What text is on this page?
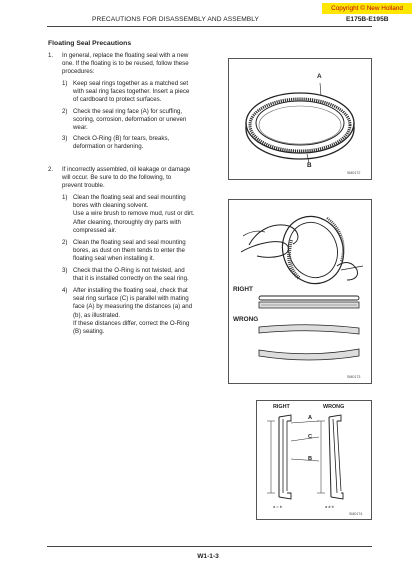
Copyright © New Holland
PRECAUTIONS FOR DISASSEMBLY AND ASSEMBLY	E175B-E195B
Floating Seal Precautions
1. In general, replace the floating seal with a new
one. If the floating is to be reused, follow these
procedures:
1) Keep seal rings together as a matched set
with seal ring faces together. Insert a piece
of cardboard to protect surfaces.
2) Check the seal ring face (A) for scuffing,
scoring, corrosion, deformation or uneven
wear.
3) Check O-Ring (B) for tears, breaks,
deformation or hardening.
2. If incorrectly assembled, oil leakage or damage
will occur. Be sure to do the following, to
prevent trouble.
1) Clean the floating seal and seal mounting
bores with cleaning solvent.
Use a wire brush to remove mud, rust or dirt.
After cleaning, thoroughly dry parts with
compressed air.
2) Clean the floating seal and seal mounting
bores, as dust on them tends to enter the
floating seal when installing it.
3) Check that the O-Ring is not twisted, and
that it is installed correctly on the seal ring.
4) After installing the floating seal, check that
seal ring surface (C) is parallel with mating
face (A) by measuring the distances (a) and
(b), as illustrated.
If these distances differ, correct the O-Ring
(B) seating.
A
B
SM0172
RIGHT
WRONG
SM0173
RIGHT	WRONG
A
C
B
a = b	a ≠ b
SM0174
W1-1-3
